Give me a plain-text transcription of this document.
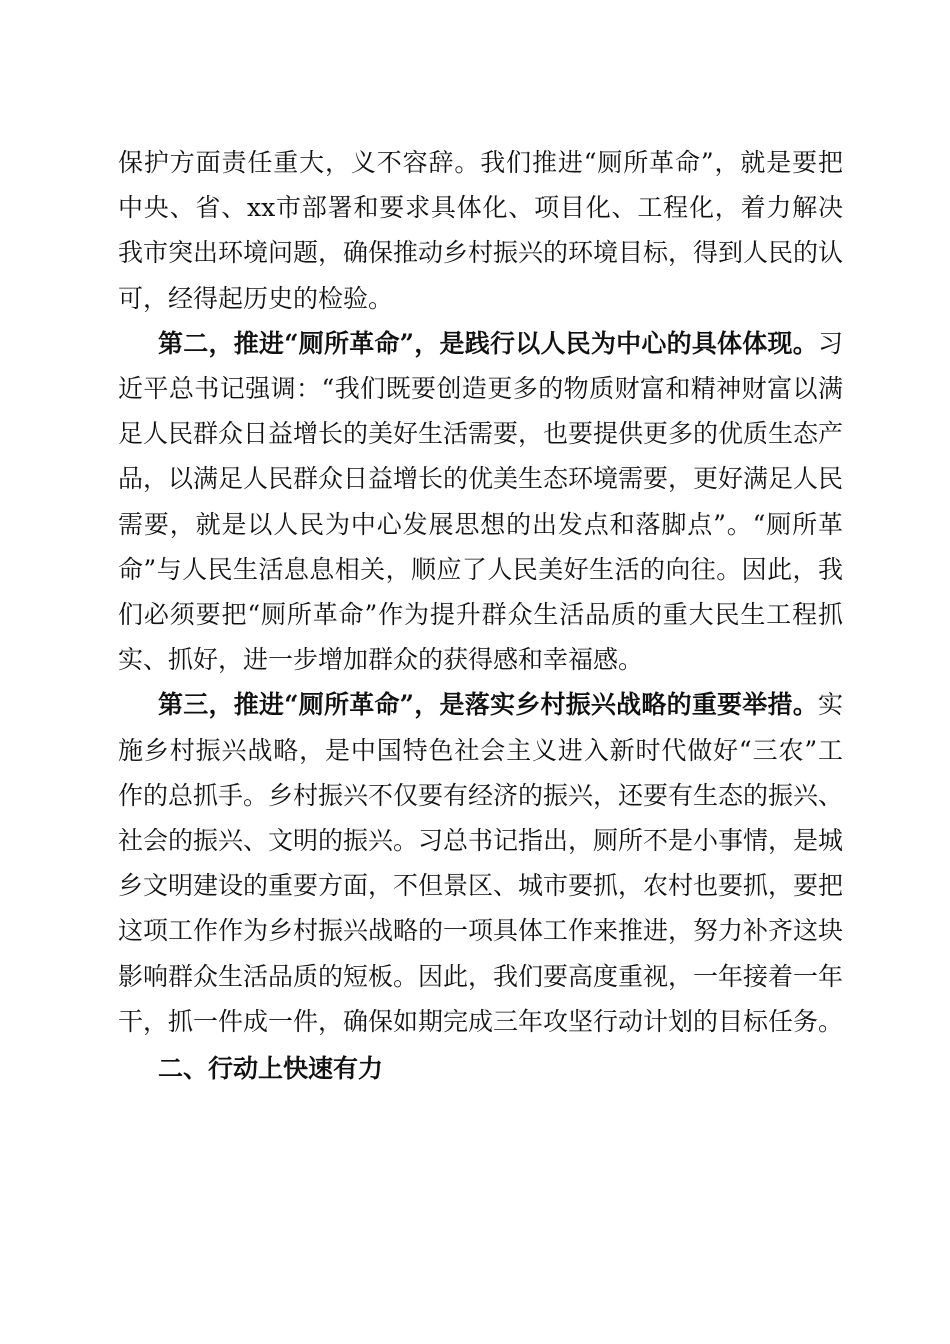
保护方面责任重大，义不容辞。我们推进“厕所革命”，就是要把中央、省、xx市部署和要求具体化、项目化、工程化，着力解决我市突出环境问题，确保推动乡村振兴的环境目标，得到人民的认可，经得起历史的检验。

第二，推进“厕所革命”，是践行以人民为中心的具体体现。习近平总书记强调：“我们既要创造更多的物质财富和精神财富以满足人民群众日益增长的美好生活需要，也要提供更多的优质生态产品，以满足人民群众日益增长的优美生态环境需要，更好满足人民需要，就是以人民为中心发展思想的出发点和落脚点”。“厕所革命”与人民生活息息相关，顺应了人民美好生活的向往。因此，我们必须要把“厕所革命”作为提升群众生活品质的重大民生工程抓实、抓好，进一步增加群众的获得感和幸福感。

第三，推进“厕所革命”，是落实乡村振兴战略的重要举措。实施乡村振兴战略，是中国特色社会主义进入新时代做好“三农”工作的总抓手。乡村振兴不仅要有经济的振兴，还要有生态的振兴、社会的振兴、文明的振兴。习总书记指出，厕所不是小事情，是城乡文明建设的重要方面，不但景区、城市要抓，农村也要抓，要把这项工作作为乡村振兴战略的一项具体工作来推进，努力补齐这块影响群众生活品质的短板。因此，我们要高度重视，一年接着一年干，抓一件成一件，确保如期完成三年攻坚行动计划的目标任务。

二、行动上快速有力
